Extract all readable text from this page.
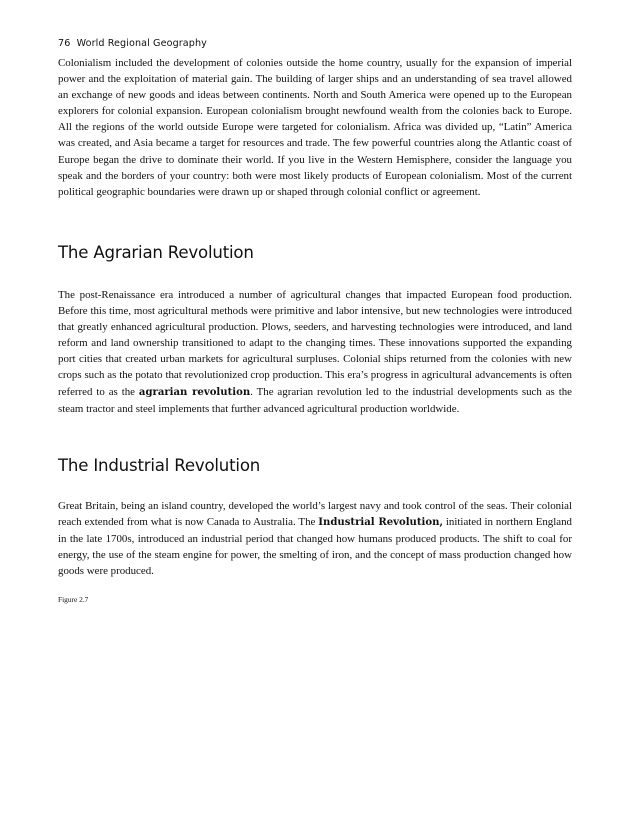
76 World Regional Geography

Colonialism included the development of colonies outside the home country, usually for the expansion of imperial power and the exploitation of material gain. The building of larger ships and an understanding of sea travel allowed an exchange of new goods and ideas between continents. North and South America were opened up to the European explorers for colonial expansion. European colonialism brought newfound wealth from the colonies back to Europe. All the regions of the world outside Europe were targeted for colonialism. Africa was divided up, “Latin” America was created, and Asia became a target for resources and trade. The few powerful countries along the Atlantic coast of Europe began the drive to dominate their world. If you live in the Western Hemisphere, consider the language you speak and the borders of your country: both were most likely products of European colonialism. Most of the current political geographic boundaries were drawn up or shaped through colonial conflict or agreement.

The Agrarian Revolution

The post-Renaissance era introduced a number of agricultural changes that impacted European food production. Before this time, most agricultural methods were primitive and labor intensive, but new technologies were introduced that greatly enhanced agricultural production. Plows, seeders, and harvesting technologies were introduced, and land reform and land ownership transitioned to adapt to the changing times. These innovations supported the expanding port cities that created urban markets for agricultural surpluses. Colonial ships returned from the colonies with new crops such as the potato that revolutionized crop production. This era’s progress in agricultural advancements is often referred to as the agrarian revolution. The agrarian revolution led to the industrial developments such as the steam tractor and steel implements that further advanced agricultural production worldwide.

The Industrial Revolution

Great Britain, being an island country, developed the world’s largest navy and took control of the seas. Their colonial reach extended from what is now Canada to Australia. The Industrial Revolution, initiated in northern England in the late 1700s, introduced an industrial period that changed how humans produced products. The shift to coal for energy, the use of the steam engine for power, the smelting of iron, and the concept of mass production changed how goods were produced.

Figure 2.7
